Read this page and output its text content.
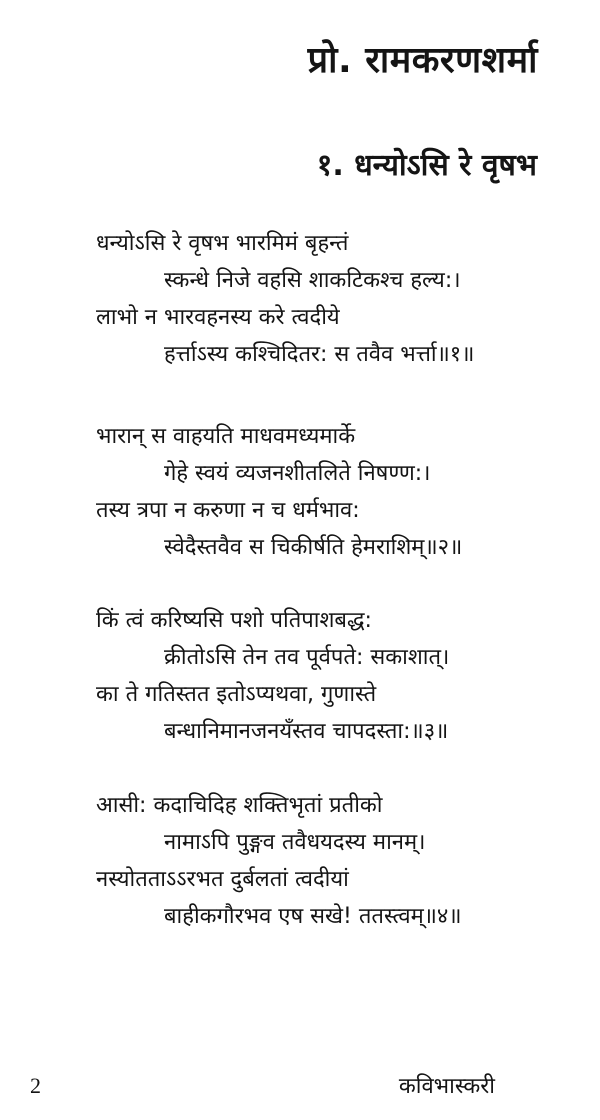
प्रो. रामकरणशर्मा
१. धन्योऽसि रे वृषभ
धन्योऽसि रे वृषभ भारमिमं बृहन्तं
स्कन्धे निजे वहसि शाकटिकश्च हल्य:।
लाभो न भारवहनस्य करे त्वदीये
हर्त्ताऽस्य कश्चिदितर: स तवैव भर्त्ता॥१॥
भारान् स वाहयति माधवमध्यमार्के
गेहे स्वयं व्यजनशीतलिते निषण्ण:।
तस्य त्रपा न करुणा न च धर्मभाव:
स्वेदैस्तवैव स चिकीर्षति हेमराशिम्॥२॥
किं त्वं करिष्यसि पशो पतिपाशबद्ध:
क्रीतोऽसि तेन तव पूर्वपते: सकाशात्।
का ते गतिस्तत इतोऽप्यथवा, गुणास्ते
बन्धानिमानजनयँस्तव चापदस्ता:॥३॥
आसी: कदाचिदिह शक्तिभृतां प्रतीको
नामाऽपि पुङ्गव तवैधयदस्य मानम्।
नस्योतताऽऽरभत दुर्बलतां त्वदीयां
बाहीकगौरभव एष सखे! ततस्त्वम्॥४॥
2	कविभास्करी
